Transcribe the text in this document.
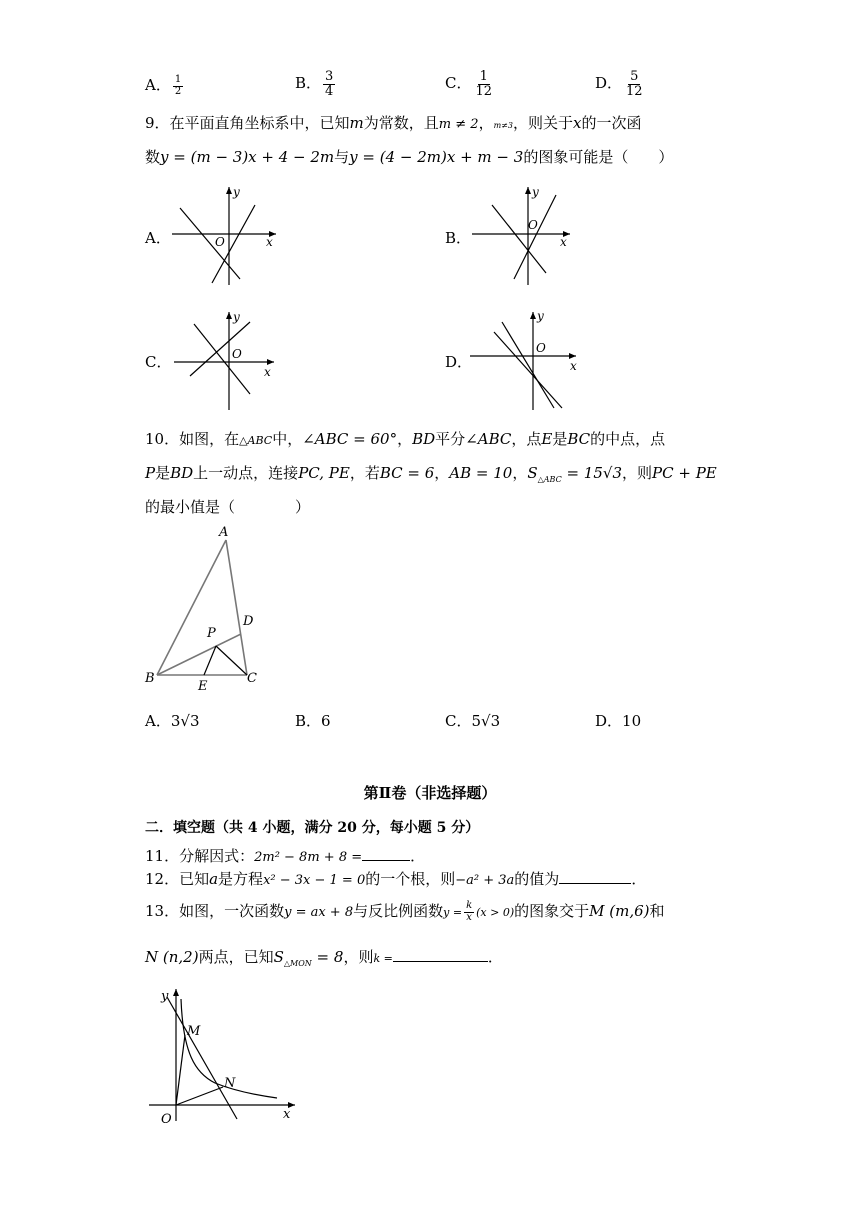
A． $\frac{1}{2}$	B． $\frac{3}{4}$	C． $\frac{1}{12}$	D． $\frac{5}{12}$
9．在平面直角坐标系中，已知m为常数，且m ≠ 2，m≠3，则关于x的一次函
数y = (m − 3)x + 4 − 2m与y = (4 − 2m)x + m − 3的图象可能是（　　）
A．
y
x
O	B．
y
x
O
C．
y
x
O	D．
y
x
O
10．如图，在△ABC中，∠ABC = 60°，BD平分∠ABC，点E是BC的中点，点
P是BD上一动点，连接PC, PE，若BC = 6，AB = 10，$S_{\triangle ABC} = 15√3$，则PC + PE
的最小值是（　　　　）
A
B	C
D
P
E
A．3√3	B．6	C．5√3	D．10
第Ⅱ卷（非选择题）
二．填空题（共 4 小题，满分 20 分，每小题 5 分）
11．分解因式：2m² − 8m + 8 =	．
12．已知a是方程x² − 3x − 1 = 0的一个根，则−a² + 3a的值为	．
13．如图，一次函数y = ax + 8与反比例函数$y = \frac{k}{x} (x > 0)$的图象交于M (m,6)和
N (n,2)两点，已知$S_{\triangle MON} = 8$，则k =	．
y
x
O
M
N
